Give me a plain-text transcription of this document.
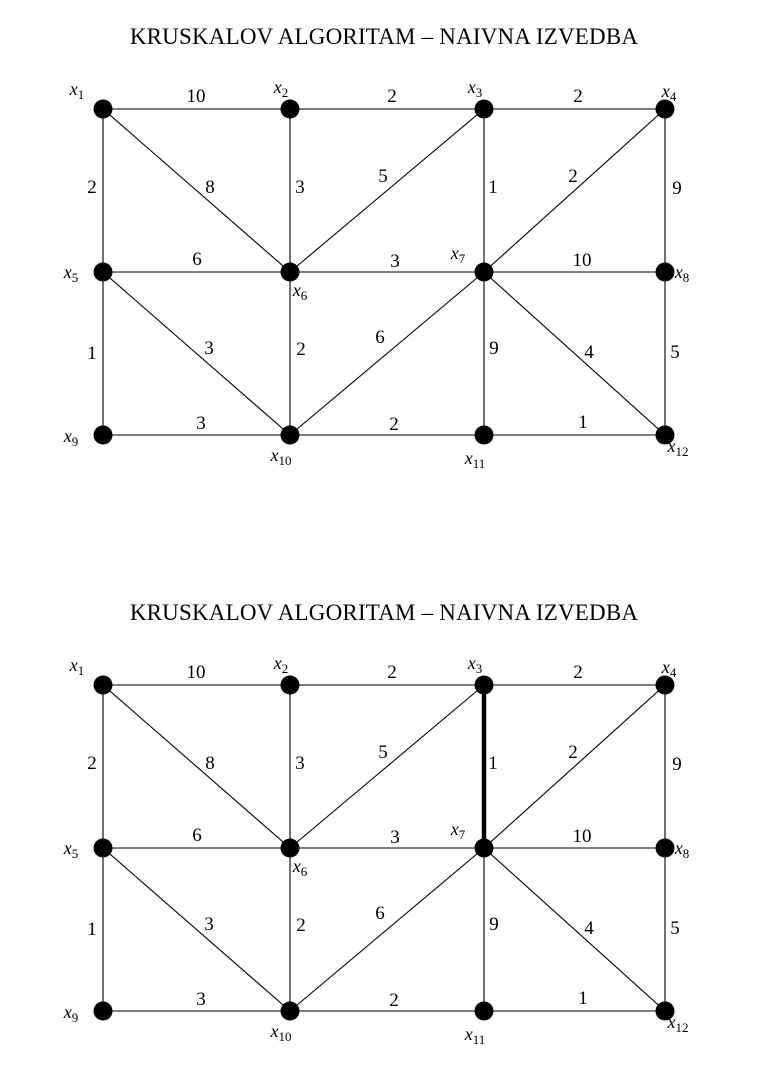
KRUSKALOV ALGORITAM – NAIVNA IZVEDBA
10	2	2
2	8	3
5
1
2
9
6	3	10
1	3	2
6
9	4	5
3	2	1
$x_1$	$x_2$	$x_3$	$x_4$
$x_5$
$x_6$
$x_7$
$x_8$
$x_9$
$x_{10}$	$x_{11}$
$x_{12}$
KRUSKALOV ALGORITAM – NAIVNA IZVEDBA
10	2	2
2	8	3
5
1
2
9
6	3	10
1	3	2
6
9	4	5
3	2	1
$x_1$	$x_2$	$x_3$	$x_4$
$x_5$
$x_6$
$x_7$
$x_8$
$x_9$
$x_{10}$	$x_{11}$
$x_{12}$
